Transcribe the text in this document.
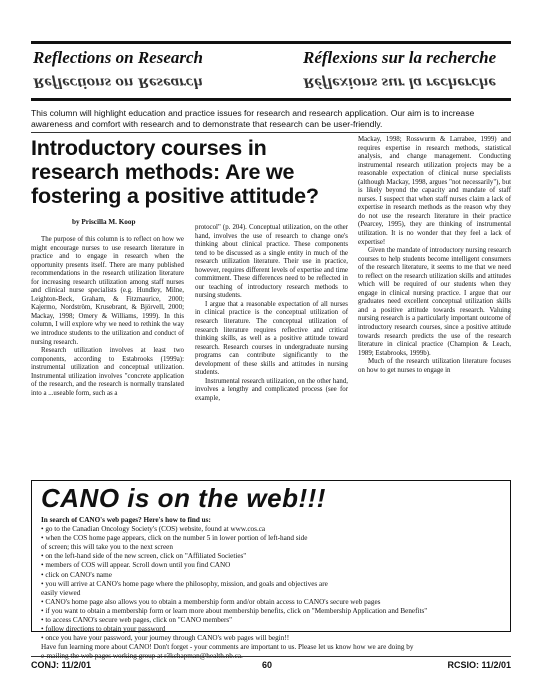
Reflections on Research	Réflexions sur la recherche
Reflections on Research	Réflexions sur la recherche
This column will highlight education and practice issues for research and research application. Our aim is to increase awareness and comfort with research and to demonstrate that research can be user-friendly.
Introductory courses in research methods: Are we fostering a positive attitude?
by Priscilla M. Koop

The purpose of this column is to reflect on how we might encourage nurses to use research literature in practice and to engage in research when the opportunity presents itself. There are many published recommendations in the research utilization literature for increasing research utilization among staff nurses and clinical nurse specialists (e.g. Hundley, Milne, Leighton-Beck, Graham, & Fitzmaurice, 2000; Kajermo, Nordström, Krusebrant, & Björvell, 2000; Mackay, 1998; Omery & Williams, 1999). In this column, I will explore why we need to rethink the way we introduce students to the utilization and conduct of nursing research.

Research utilization involves at least two components, according to Estabrooks (1999a): instrumental utilization and conceptual utilization. Instrumental utilization involves "concrete application of the research, and the research is normally translated into a ...useable form, such as a

protocol" (p. 204). Conceptual utilization, on the other hand, involves the use of research to change one's thinking about clinical practice. These components tend to be discussed as a single entity in much of the research utilization literature. Their use in practice, however, requires different levels of expertise and time commitment. These differences need to be reflected in our teaching of introductory research methods to nursing students.

I argue that a reasonable expectation of all nurses in clinical practice is the conceptual utilization of research literature. The conceptual utilization of research literature requires reflective and critical thinking skills, as well as a positive attitude toward research. Research courses in undergraduate nursing programs can contribute significantly to the development of these skills and attitudes in nursing students.

Instrumental research utilization, on the other hand, involves a lengthy and complicated process (see for example,

Mackay, 1998; Rosswurm & Larrabee, 1999) and requires expertise in research methods, statistical analysis, and change management. Conducting instrumental research utilization projects may be a reasonable expectation of clinical nurse specialists (although Mackay, 1998, argues "not necessarily"), but is likely beyond the capacity and mandate of staff nurses. I suspect that when staff nurses claim a lack of expertise in research methods as the reason why they do not use the research literature in their practice (Pearcey, 1995), they are thinking of instrumental utilization. It is no wonder that they feel a lack of expertise!

Given the mandate of introductory nursing research courses to help students become intelligent consumers of the research literature, it seems to me that we need to reflect on the research utilization skills and attitudes which will be required of our students when they engage in clinical nursing practice. I argue that our graduates need excellent conceptual utilization skills and a positive attitude towards research. Valuing nursing research is a particularly important outcome of introductory research courses, since a positive attitude towards research predicts the use of the research literature in clinical practice (Champion & Leach, 1989; Estabrooks, 1999b).

Much of the research utilization literature focuses on how to get nurses to engage in

CANO is on the web!!!
In search of CANO's web pages? Here's how to find us:
• go to the Canadian Oncology Society's (COS) website, found at www.cos.ca
• when the COS home page appears, click on the number 5 in lower portion of left-hand side
of screen; this will take you to the next screen
• on the left-hand side of the new screen, click on "Affiliated Societies"
• members of COS will appear. Scroll down until you find CANO
• click on CANO's name
• you will arrive at CANO's home page where the philosophy, mission, and goals and objectives are
easily viewed
• CANO's home page also allows you to obtain a membership form and/or obtain access to CANO's secure web pages
• if you want to obtain a membership form or learn more about membership benefits, click on "Membership Application and Benefits"
• to access CANO's secure web pages, click on "CANO members"
• follow directions to obtain your password
• once you have your password, your journey through CANO's web pages will begin!!
Have fun learning more about CANO! Don't forget - your comments are important to us. Please let us know how we are doing by
e-mailing the web pages working group at r3kchapman@health.nb.ca.
CONJ: 11/2/01	60	RCSIO: 11/2/01
